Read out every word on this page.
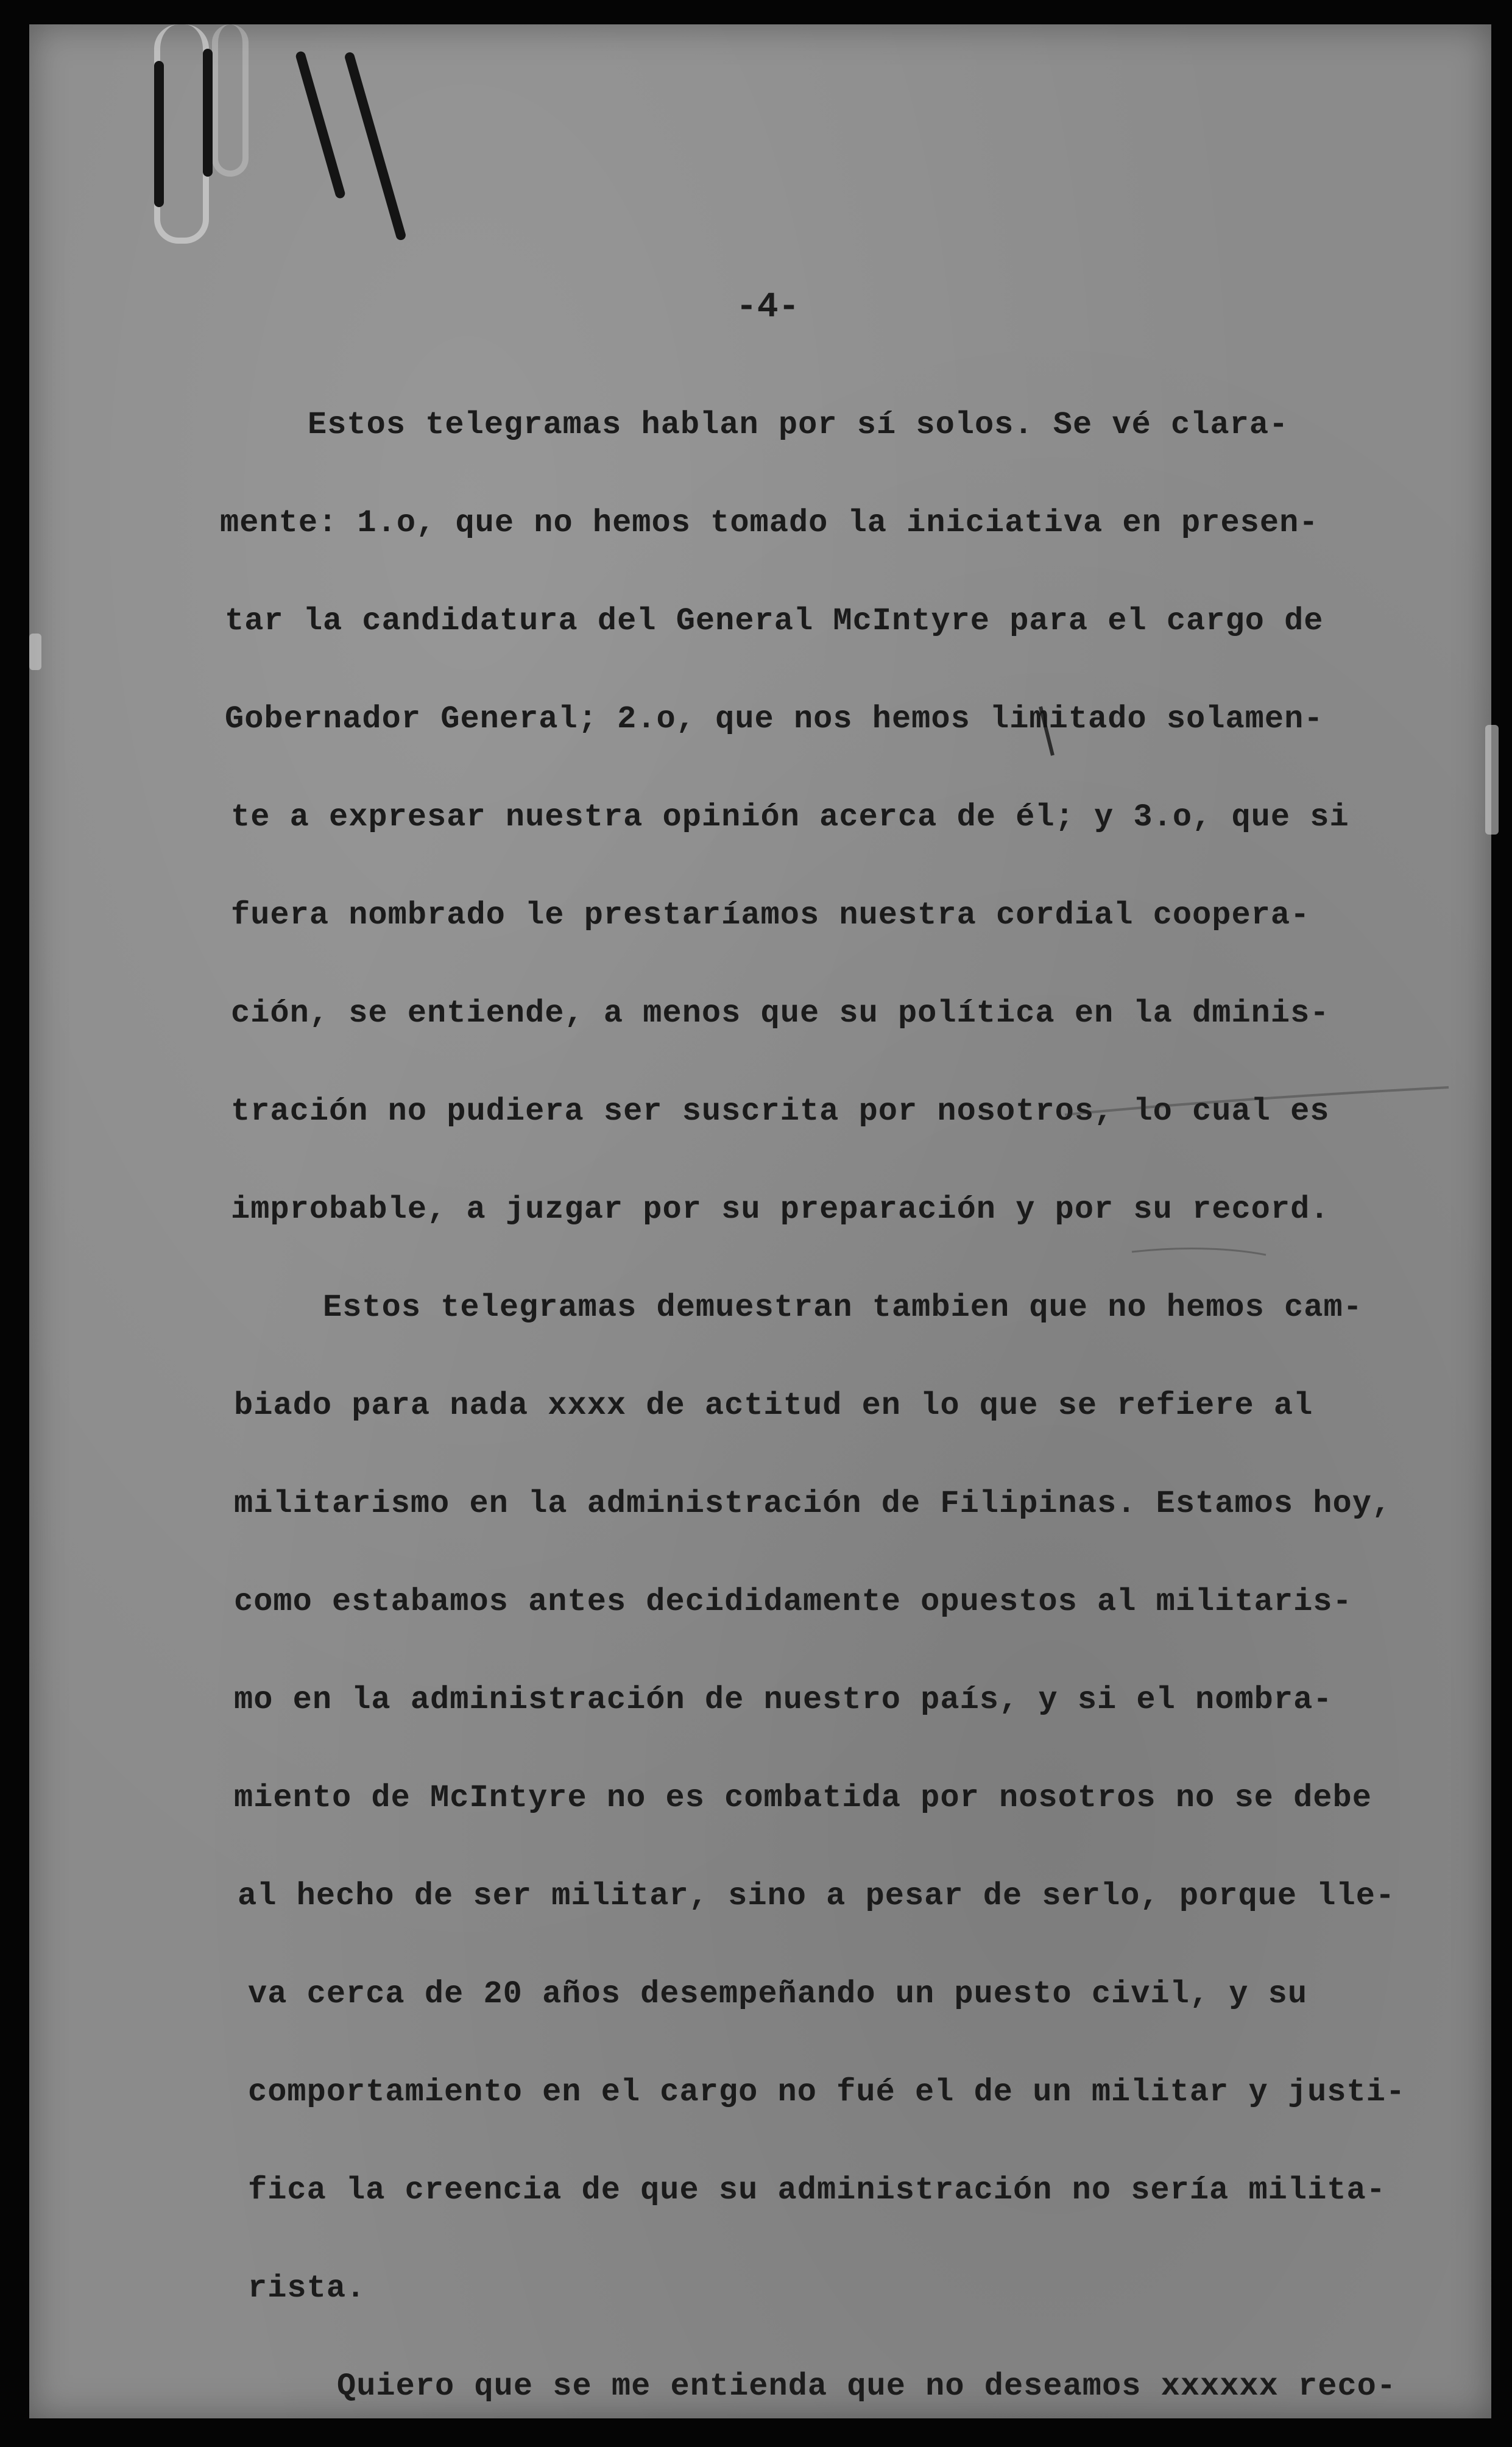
-4-
Estos telegramas hablan por sí solos. Se vé clara-
mente: 1.o, que no hemos tomado la iniciativa en presen-
tar la candidatura del General McIntyre para el cargo de
Gobernador General; 2.o, que nos hemos limitado solamen-
te a expresar nuestra opinión acerca de él; y 3.o, que si
fuera nombrado le prestaríamos nuestra cordial coopera-
ción, se entiende, a menos que su política en la dminis-
tración no pudiera ser suscrita por nosotros, lo cual es
improbable, a juzgar por su preparación y por su record.
Estos telegramas demuestran tambien que no hemos cam-
biado para nada xxxx de actitud en lo que se refiere al
militarismo en la administración de Filipinas. Estamos hoy,
como estabamos antes decididamente opuestos al militaris-
mo en la administración de nuestro país, y si el nombra-
miento de McIntyre no es combatida por nosotros no se debe
al hecho de ser militar, sino a pesar de serlo, porque lle-
va cerca de 20 años desempeñando un puesto civil, y su
comportamiento en el cargo no fué el de un militar y justi-
fica la creencia de que su administración no sería milita-
rista.
Quiero que se me entienda que no deseamos xxxxxx reco-
